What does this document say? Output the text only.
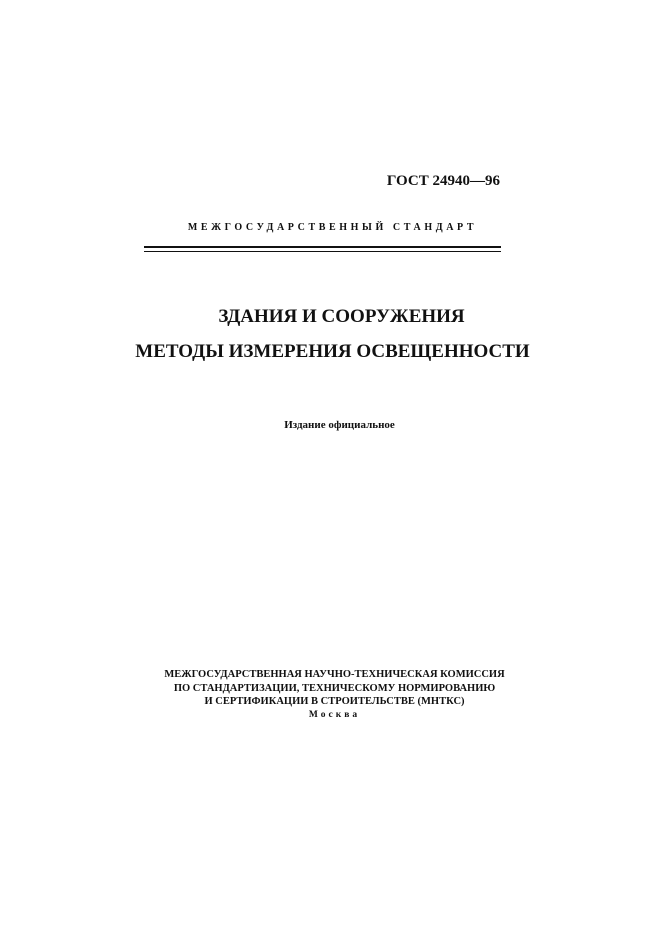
ГОСТ 24940—96
МЕЖГОСУДАРСТВЕННЫЙ СТАНДАРТ
ЗДАНИЯ И СООРУЖЕНИЯ
МЕТОДЫ ИЗМЕРЕНИЯ ОСВЕЩЕННОСТИ
Издание официальное
МЕЖГОСУДАРСТВЕННАЯ НАУЧНО-ТЕХНИЧЕСКАЯ КОМИССИЯ
ПО СТАНДАРТИЗАЦИИ, ТЕХНИЧЕСКОМУ НОРМИРОВАНИЮ
И СЕРТИФИКАЦИИ В СТРОИТЕЛЬСТВЕ (МНТКС)
Москва
